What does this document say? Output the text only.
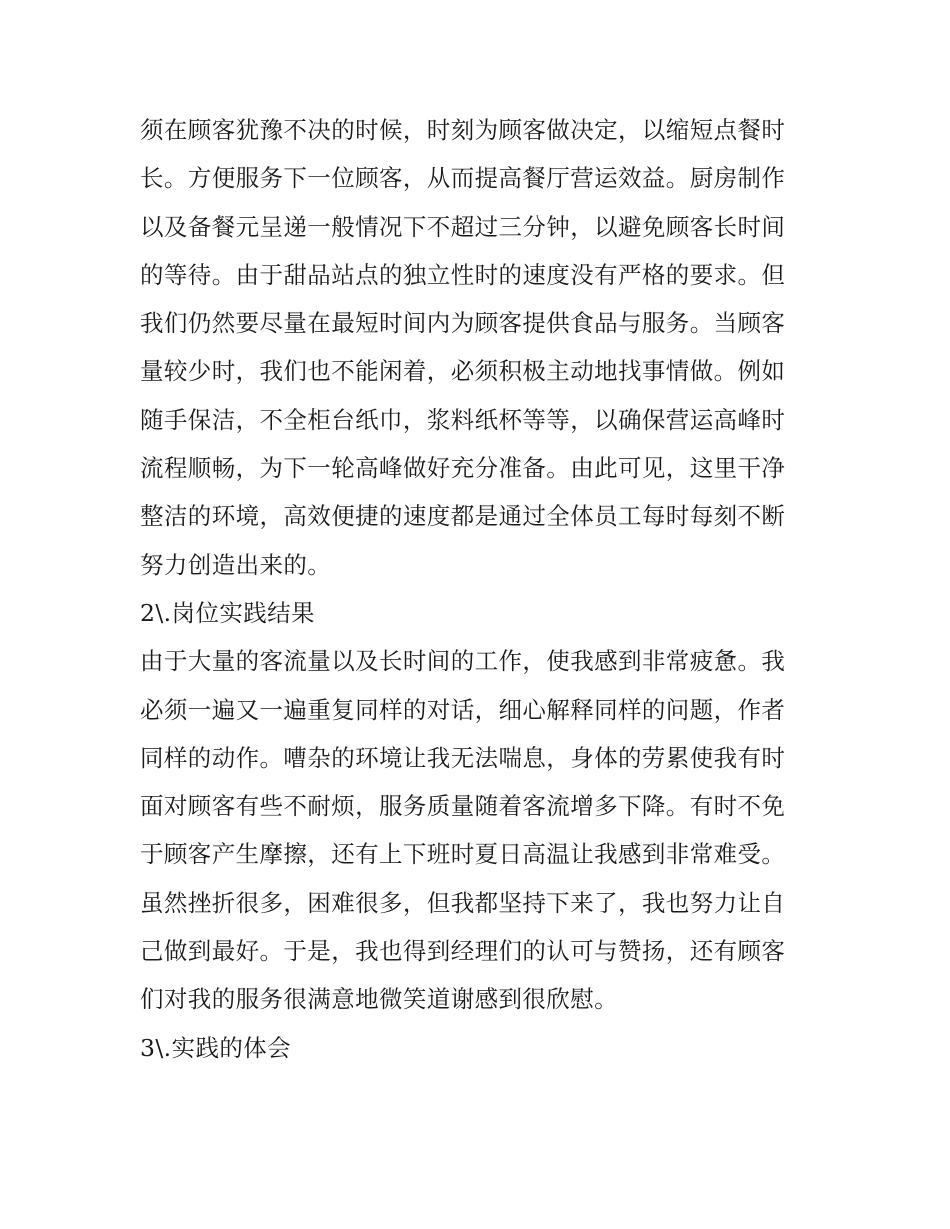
须在顾客犹豫不决的时候，时刻为顾客做决定，以缩短点餐时
长。方便服务下一位顾客，从而提高餐厅营运效益。厨房制作
以及备餐元呈递一般情况下不超过三分钟，以避免顾客长时间
的等待。由于甜品站点的独立性时的速度没有严格的要求。但
我们仍然要尽量在最短时间内为顾客提供食品与服务。当顾客
量较少时，我们也不能闲着，必须积极主动地找事情做。例如
随手保洁，不全柜台纸巾，浆料纸杯等等，以确保营运高峰时
流程顺畅，为下一轮高峰做好充分准备。由此可见，这里干净
整洁的环境，高效便捷的速度都是通过全体员工每时每刻不断
努力创造出来的。
2\.岗位实践结果
由于大量的客流量以及长时间的工作，使我感到非常疲惫。我
必须一遍又一遍重复同样的对话，细心解释同样的问题，作者
同样的动作。嘈杂的环境让我无法喘息，身体的劳累使我有时
面对顾客有些不耐烦，服务质量随着客流增多下降。有时不免
于顾客产生摩擦，还有上下班时夏日高温让我感到非常难受。
虽然挫折很多，困难很多，但我都坚持下来了，我也努力让自
己做到最好。于是，我也得到经理们的认可与赞扬，还有顾客
们对我的服务很满意地微笑道谢感到很欣慰。
3\.实践的体会
